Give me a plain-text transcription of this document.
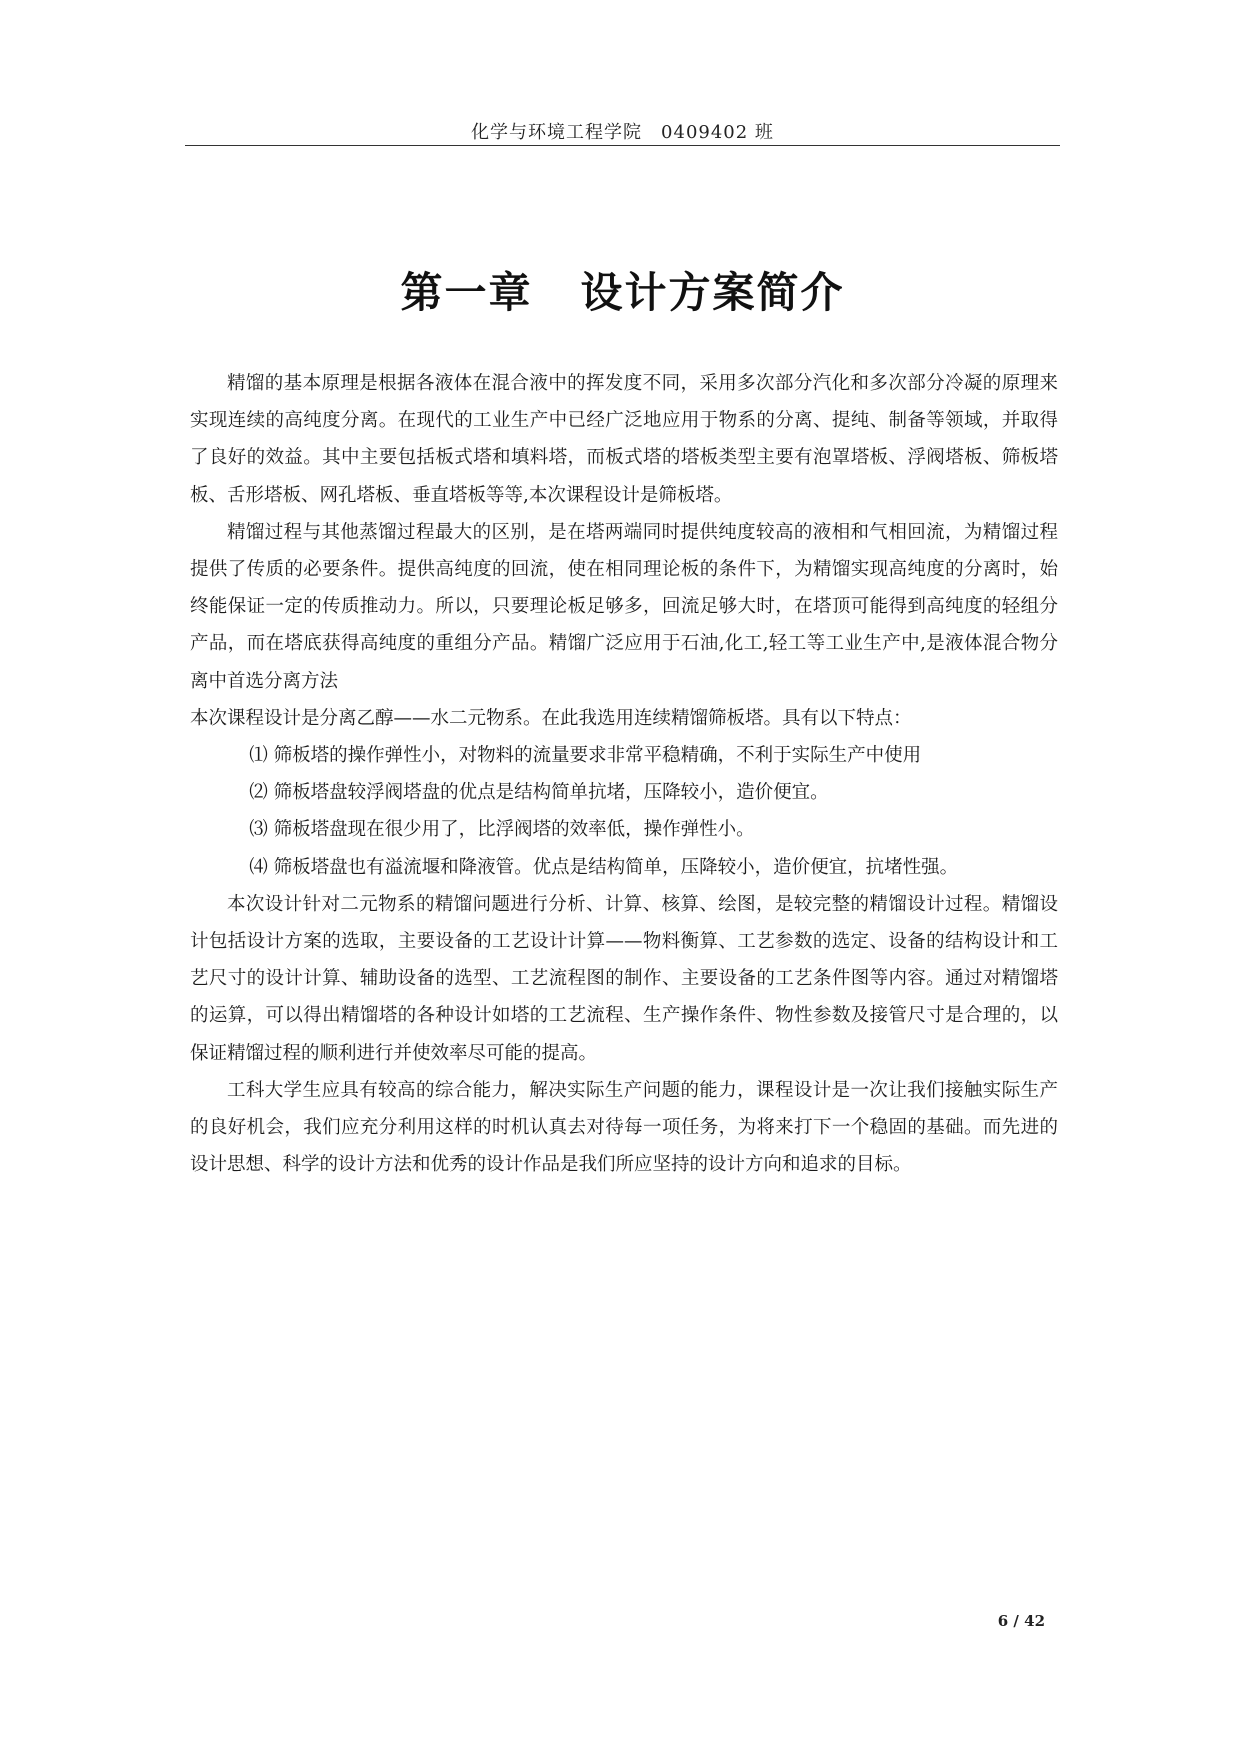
化学与环境工程学院　0409402 班
第一章 设计方案简介

精馏的基本原理是根据各液体在混合液中的挥发度不同，采用多次部分汽化和多次部分冷凝的原理来实现连续的高纯度分离。在现代的工业生产中已经广泛地应用于物系的分离、提纯、制备等领域，并取得了良好的效益。其中主要包括板式塔和填料塔，而板式塔的塔板类型主要有泡罩塔板、浮阀塔板、筛板塔板、舌形塔板、网孔塔板、垂直塔板等等,本次课程设计是筛板塔。

精馏过程与其他蒸馏过程最大的区别，是在塔两端同时提供纯度较高的液相和气相回流，为精馏过程提供了传质的必要条件。提供高纯度的回流，使在相同理论板的条件下，为精馏实现高纯度的分离时，始终能保证一定的传质推动力。所以，只要理论板足够多，回流足够大时，在塔顶可能得到高纯度的轻组分产品，而在塔底获得高纯度的重组分产品。精馏广泛应用于石油,化工,轻工等工业生产中,是液体混合物分离中首选分离方法

本次课程设计是分离乙醇——水二元物系。在此我选用连续精馏筛板塔。具有以下特点：

⑴ 筛板塔的操作弹性小，对物料的流量要求非常平稳精确，不利于实际生产中使用

⑵ 筛板塔盘较浮阀塔盘的优点是结构简单抗堵，压降较小，造价便宜。

⑶ 筛板塔盘现在很少用了，比浮阀塔的效率低，操作弹性小。

⑷ 筛板塔盘也有溢流堰和降液管。优点是结构简单，压降较小，造价便宜，抗堵性强。

本次设计针对二元物系的精馏问题进行分析、计算、核算、绘图，是较完整的精馏设计过程。精馏设计包括设计方案的选取，主要设备的工艺设计计算——物料衡算、工艺参数的选定、设备的结构设计和工艺尺寸的设计计算、辅助设备的选型、工艺流程图的制作、主要设备的工艺条件图等内容。通过对精馏塔的运算，可以得出精馏塔的各种设计如塔的工艺流程、生产操作条件、物性参数及接管尺寸是合理的，以保证精馏过程的顺利进行并使效率尽可能的提高。

工科大学生应具有较高的综合能力，解决实际生产问题的能力，课程设计是一次让我们接触实际生产的良好机会，我们应充分利用这样的时机认真去对待每一项任务，为将来打下一个稳固的基础。而先进的设计思想、科学的设计方法和优秀的设计作品是我们所应坚持的设计方向和追求的目标。

6 / 42
